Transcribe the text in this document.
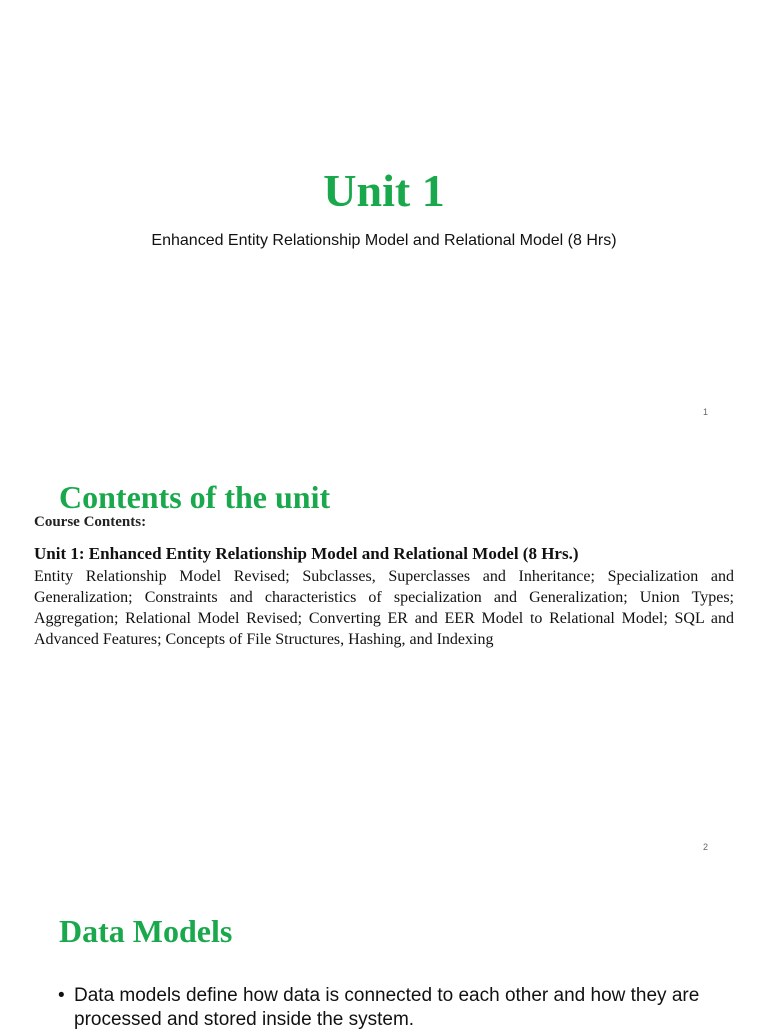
Unit 1
Enhanced Entity Relationship Model and Relational Model (8 Hrs)
1
Contents of the unit
Course Contents:
Unit 1: Enhanced Entity Relationship Model and Relational Model (8 Hrs.)
Entity Relationship Model Revised; Subclasses, Superclasses and Inheritance; Specialization and Generalization; Constraints and characteristics of specialization and Generalization; Union Types; Aggregation; Relational Model Revised; Converting ER and EER Model to Relational Model; SQL and Advanced Features; Concepts of File Structures, Hashing, and Indexing
2
Data Models
• Data models define how data is connected to each other and how they are processed and stored inside the system.
